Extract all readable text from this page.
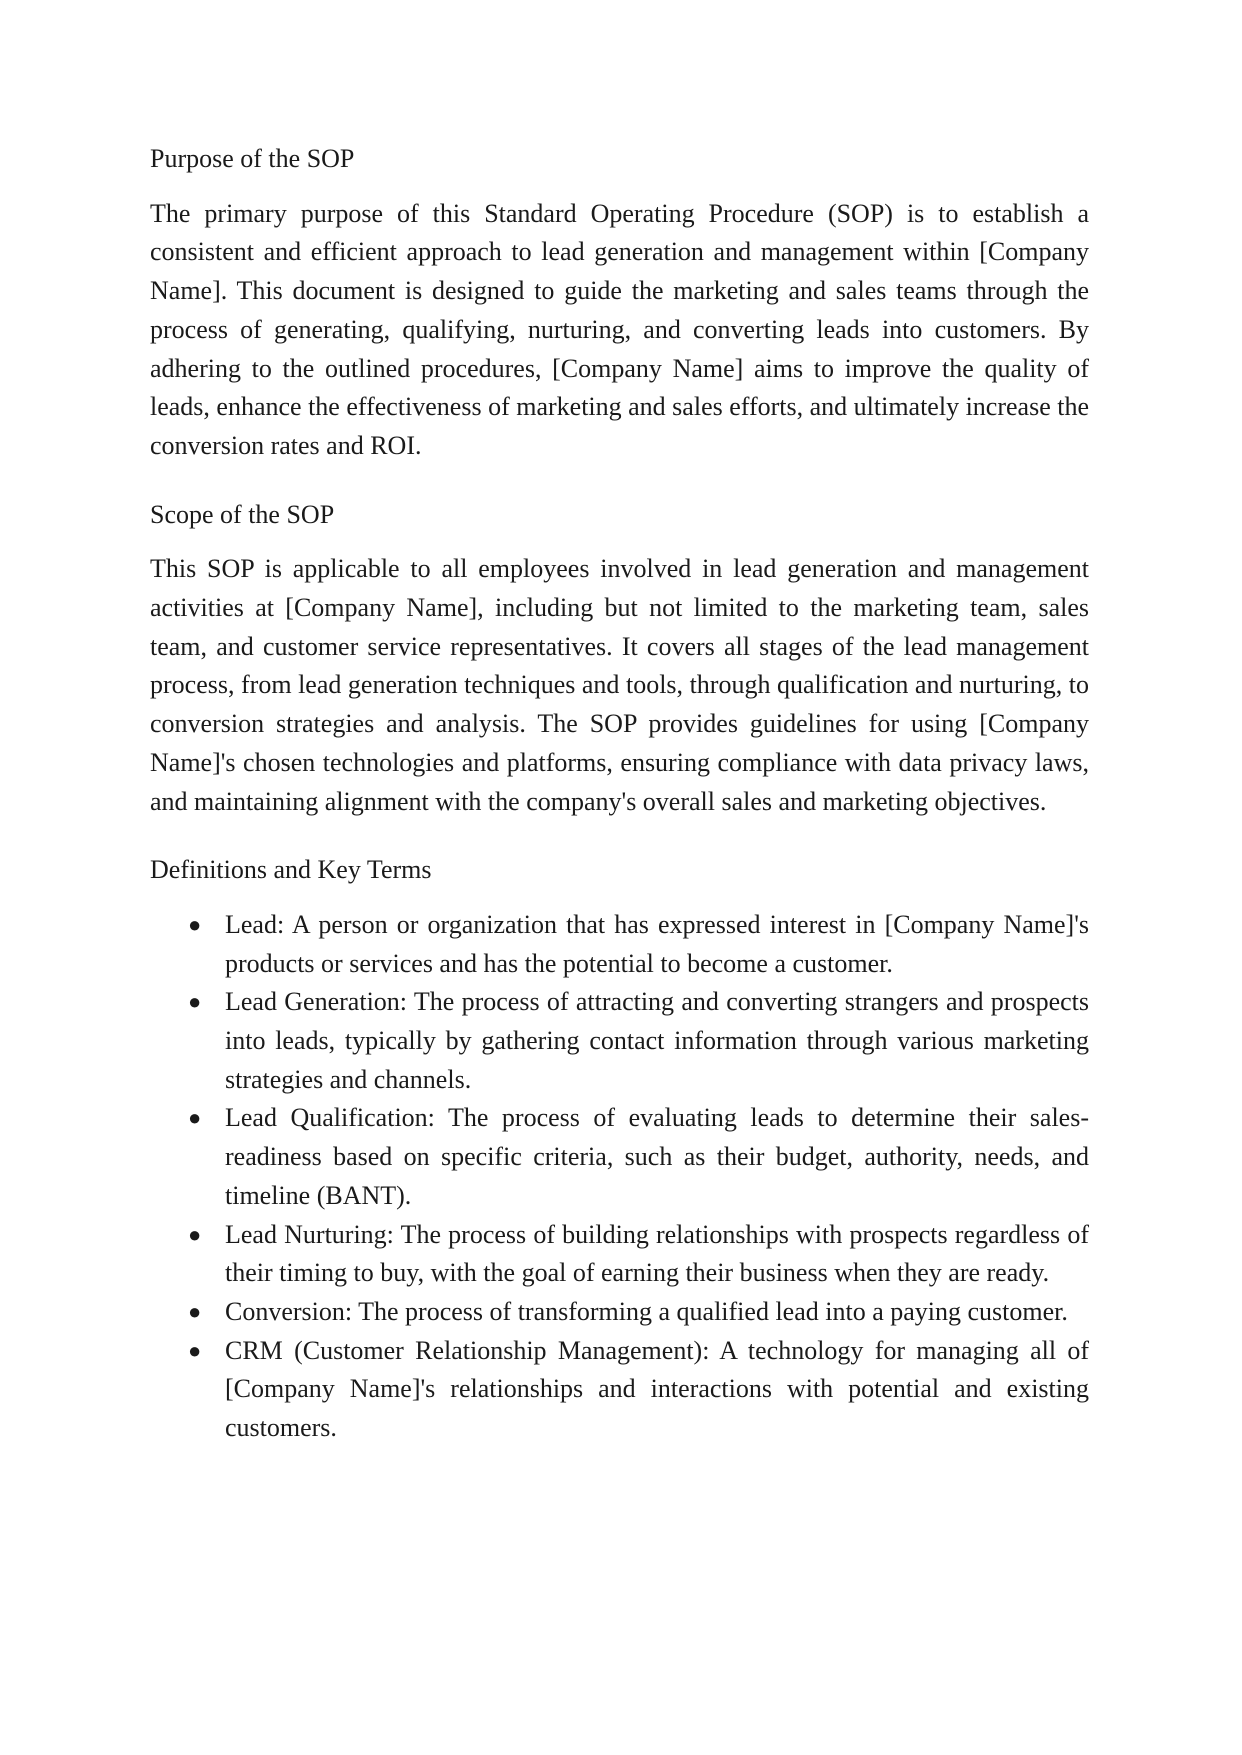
Purpose of the SOP

The primary purpose of this Standard Operating Procedure (SOP) is to establish a consistent and efficient approach to lead generation and management within [Company Name]. This document is designed to guide the marketing and sales teams through the process of generating, qualifying, nurturing, and converting leads into customers. By adhering to the outlined procedures, [Company Name] aims to improve the quality of leads, enhance the effectiveness of marketing and sales efforts, and ultimately increase the conversion rates and ROI.

Scope of the SOP

This SOP is applicable to all employees involved in lead generation and management activities at [Company Name], including but not limited to the marketing team, sales team, and customer service representatives. It covers all stages of the lead management process, from lead generation techniques and tools, through qualification and nurturing, to conversion strategies and analysis. The SOP provides guidelines for using [Company Name]'s chosen technologies and platforms, ensuring compliance with data privacy laws, and maintaining alignment with the company's overall sales and marketing objectives.

Definitions and Key Terms

● Lead: A person or organization that has expressed interest in [Company Name]'s products or services and has the potential to become a customer.
● Lead Generation: The process of attracting and converting strangers and prospects into leads, typically by gathering contact information through various marketing strategies and channels.
● Lead Qualification: The process of evaluating leads to determine their sales-readiness based on specific criteria, such as their budget, authority, needs, and timeline (BANT).
● Lead Nurturing: The process of building relationships with prospects regardless of their timing to buy, with the goal of earning their business when they are ready.
● Conversion: The process of transforming a qualified lead into a paying customer.
● CRM (Customer Relationship Management): A technology for managing all of [Company Name]'s relationships and interactions with potential and existing customers.
